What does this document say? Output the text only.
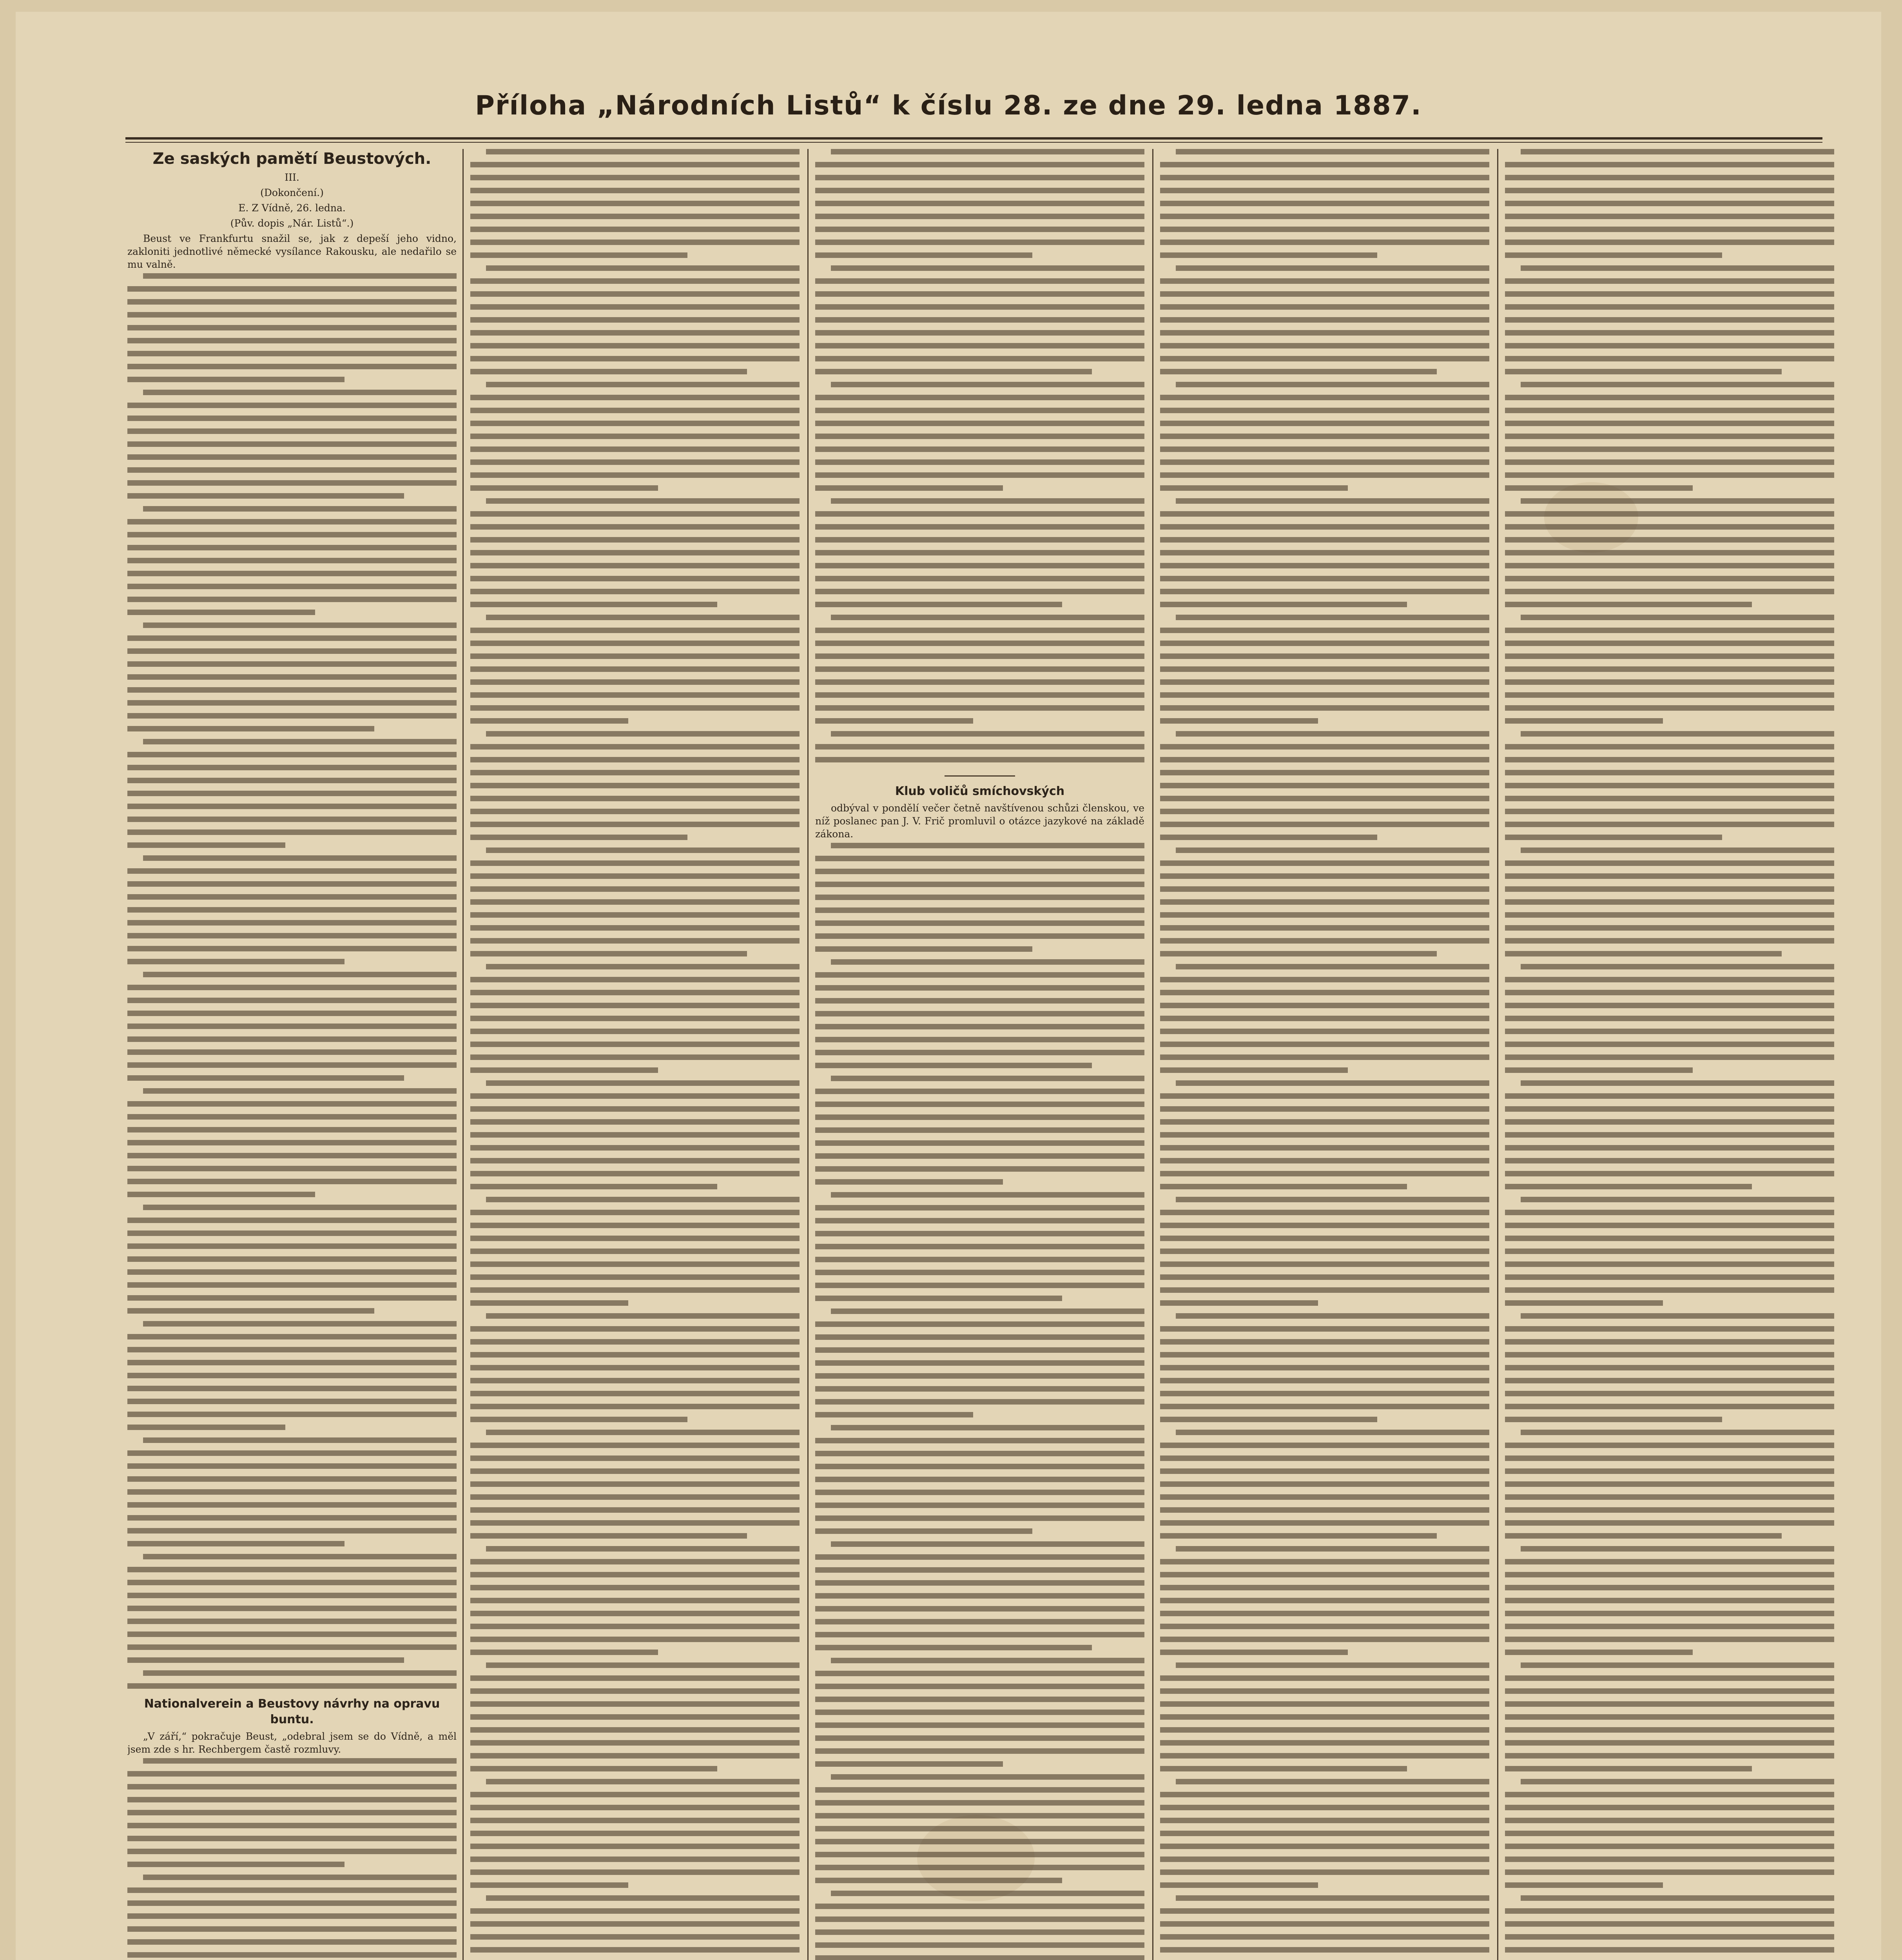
Příloha „Národních Listů“ k číslu 28. ze dne 29. ledna 1887.

Ze saských pamětí Beustových.

III.

(Dokončení.)

E. Z Vídně, 26. ledna.

(Pův. dopis „Nár. Listů“.)

Beust ve Frankfurtu snažil se, jak z depeší jeho vidno, zakloniti jednotlivé německé vysílance Rakousku, ale nedařilo se mu valně.

Nationalverein a Beustovy návrhy na opravu buntu.

„V září,“ pokračuje Beust, „odebral jsem se do Vídně, a měl jsem zde s hr. Rechbergem častě rozmluvy.

Klub voličů smíchovských

odbýval v pondělí večer četně navštívenou schůzi členskou, ve níž poslanec pan J. V. Frič promluvil o otázce jazykové na základě zákona.
